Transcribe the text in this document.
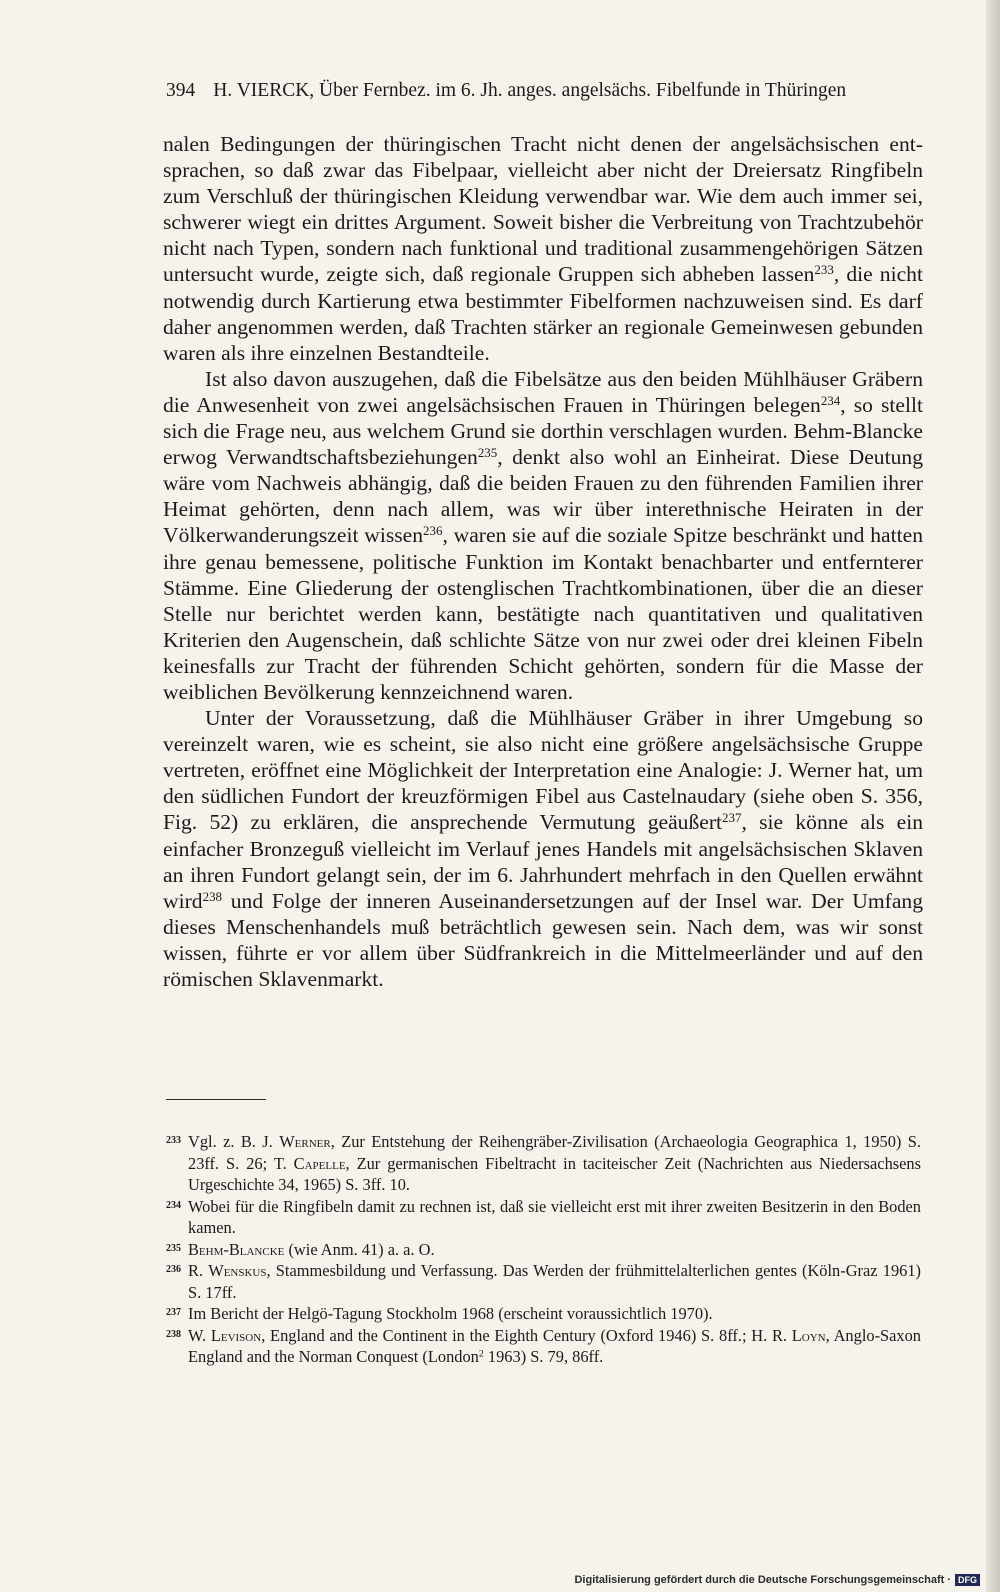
394 H. VIERCK, Über Fernbez. im 6. Jh. anges. angelsächs. Fibelfunde in Thüringen

nalen Bedingungen der thüringischen Tracht nicht denen der angelsächsischen entsprachen, so daß zwar das Fibelpaar, vielleicht aber nicht der Dreiersatz Ringfibeln zum Verschluß der thüringischen Kleidung verwendbar war. Wie dem auch immer sei, schwerer wiegt ein drittes Argument. Soweit bisher die Verbreitung von Trachtzubehör nicht nach Typen, sondern nach funktional und traditional zusammengehörigen Sätzen untersucht wurde, zeigte sich, daß regionale Gruppen sich abheben lassen$^{233}$, die nicht notwendig durch Kartierung etwa bestimmter Fibelformen nachzuweisen sind. Es darf daher angenommen werden, daß Trachten stärker an regionale Gemeinwesen gebunden waren als ihre einzelnen Bestandteile.

Ist also davon auszugehen, daß die Fibelsätze aus den beiden Mühlhäuser Gräbern die Anwesenheit von zwei angelsächsischen Frauen in Thüringen belegen$^{234}$, so stellt sich die Frage neu, aus welchem Grund sie dorthin verschlagen wurden. Behm-Blancke erwog Verwandtschaftsbeziehungen$^{235}$, denkt also wohl an Einheirat. Diese Deutung wäre vom Nachweis abhängig, daß die beiden Frauen zu den führenden Familien ihrer Heimat gehörten, denn nach allem, was wir über interethnische Heiraten in der Völkerwanderungszeit wissen$^{236}$, waren sie auf die soziale Spitze beschränkt und hatten ihre genau bemessene, politische Funktion im Kontakt benachbarter und entfernterer Stämme. Eine Gliederung der ostenglischen Trachtkombinationen, über die an dieser Stelle nur berichtet werden kann, bestätigte nach quantitativen und qualitativen Kriterien den Augenschein, daß schlichte Sätze von nur zwei oder drei kleinen Fibeln keinesfalls zur Tracht der führenden Schicht gehörten, sondern für die Masse der weiblichen Bevölkerung kennzeichnend waren.

Unter der Voraussetzung, daß die Mühlhäuser Gräber in ihrer Umgebung so vereinzelt waren, wie es scheint, sie also nicht eine größere angelsächsische Gruppe vertreten, eröffnet eine Möglichkeit der Interpretation eine Analogie: J. Werner hat, um den südlichen Fundort der kreuzförmigen Fibel aus Castelnaudary (siehe oben S. 356, Fig. 52) zu erklären, die ansprechende Vermutung geäußert$^{237}$, sie könne als ein einfacher Bronzeguß vielleicht im Verlauf jenes Handels mit angelsächsischen Sklaven an ihren Fundort gelangt sein, der im 6. Jahrhundert mehrfach in den Quellen erwähnt wird$^{238}$ und Folge der inneren Auseinandersetzungen auf der Insel war. Der Umfang dieses Menschenhandels muß beträchtlich gewesen sein. Nach dem, was wir sonst wissen, führte er vor allem über Südfrankreich in die Mittelmeerländer und auf den römischen Sklavenmarkt.

233 Vgl. z. B. J. Werner, Zur Entstehung der Reihengräber-Zivilisation (Archaeologia Geographica 1, 1950) S. 23ff. S. 26; T. Capelle, Zur germanischen Fibeltracht in taciteischer Zeit (Nachrichten aus Niedersachsens Urgeschichte 34, 1965) S. 3ff. 10.
234 Wobei für die Ringfibeln damit zu rechnen ist, daß sie vielleicht erst mit ihrer zweiten Besitzerin in den Boden kamen.
235 Behm-Blancke (wie Anm. 41) a. a. O.
236 R. Wenskus, Stammesbildung und Verfassung. Das Werden der frühmittelalterlichen gentes (Köln-Graz 1961) S. 17ff.
237 Im Bericht der Helgö-Tagung Stockholm 1968 (erscheint voraussichtlich 1970).
238 W. Levison, England and the Continent in the Eighth Century (Oxford 1946) S. 8ff.; H. R. Loyn, Anglo-Saxon England and the Norman Conquest (London$^2$ 1963) S. 79, 86ff.
Digitalisierung gefördert durch die Deutsche Forschungsgemeinschaft · DFG
